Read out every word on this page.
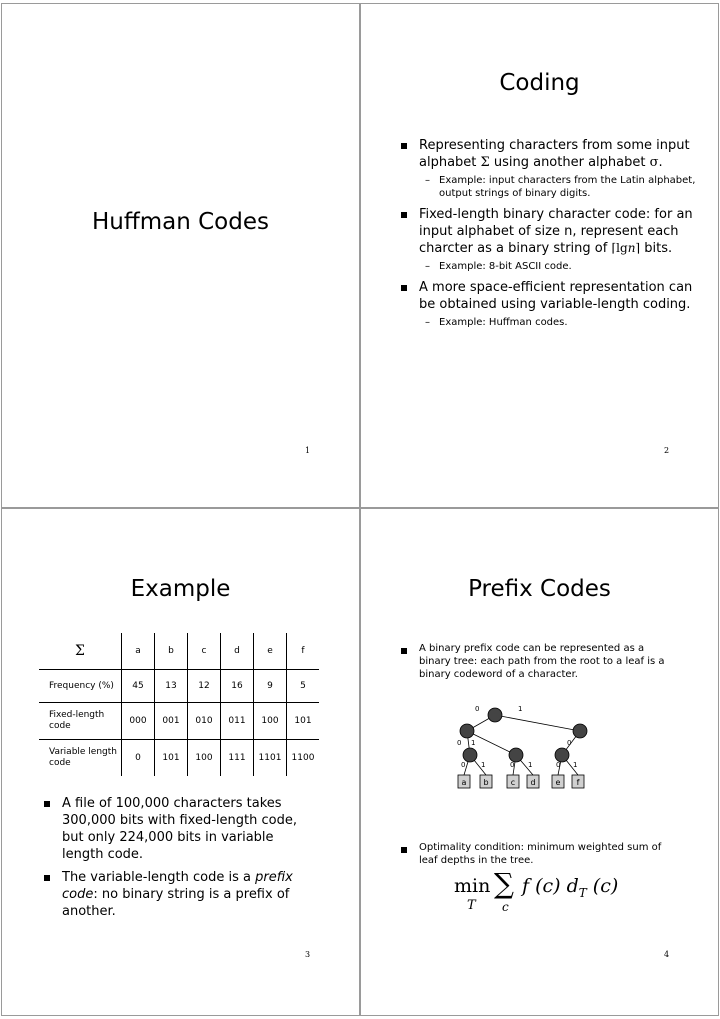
Huffman Codes
1
Coding
Representing characters from some input alphabet Σ using another alphabet σ.
– Example: input characters from the Latin alphabet, output strings of binary digits.
Fixed-length binary character code: for an input alphabet of size n, represent each charcter as a binary string of ⌈lgn⌉ bits.
– Example: 8-bit ASCII code.
A more space-efficient representation can be obtained using variable-length coding.
– Example: Huffman codes.
2
Example
Σ	a	b	c	d	e	f
Frequency (%)	45	13	12	16	9	5
Fixed-length code	000	001	010	011	100	101
Variable length code	0	101	100	111	1101	1100
A file of 100,000 characters takes 300,000 bits with fixed-length code, but only 224,000 bits in variable length code.
The variable-length code is a prefix code: no binary string is a prefix of another.
3
Prefix Codes
A binary prefix code can be represented as a binary tree: each path from the root to a leaf is a binary codeword of a character.
0	1
0 1	0
0 1	0 1	0 1
a b	c d	e f
Optimality condition: minimum weighted sum of leaf depths in the tree.
min
T
∑
c
f (c) $d_T$ (c)
4
